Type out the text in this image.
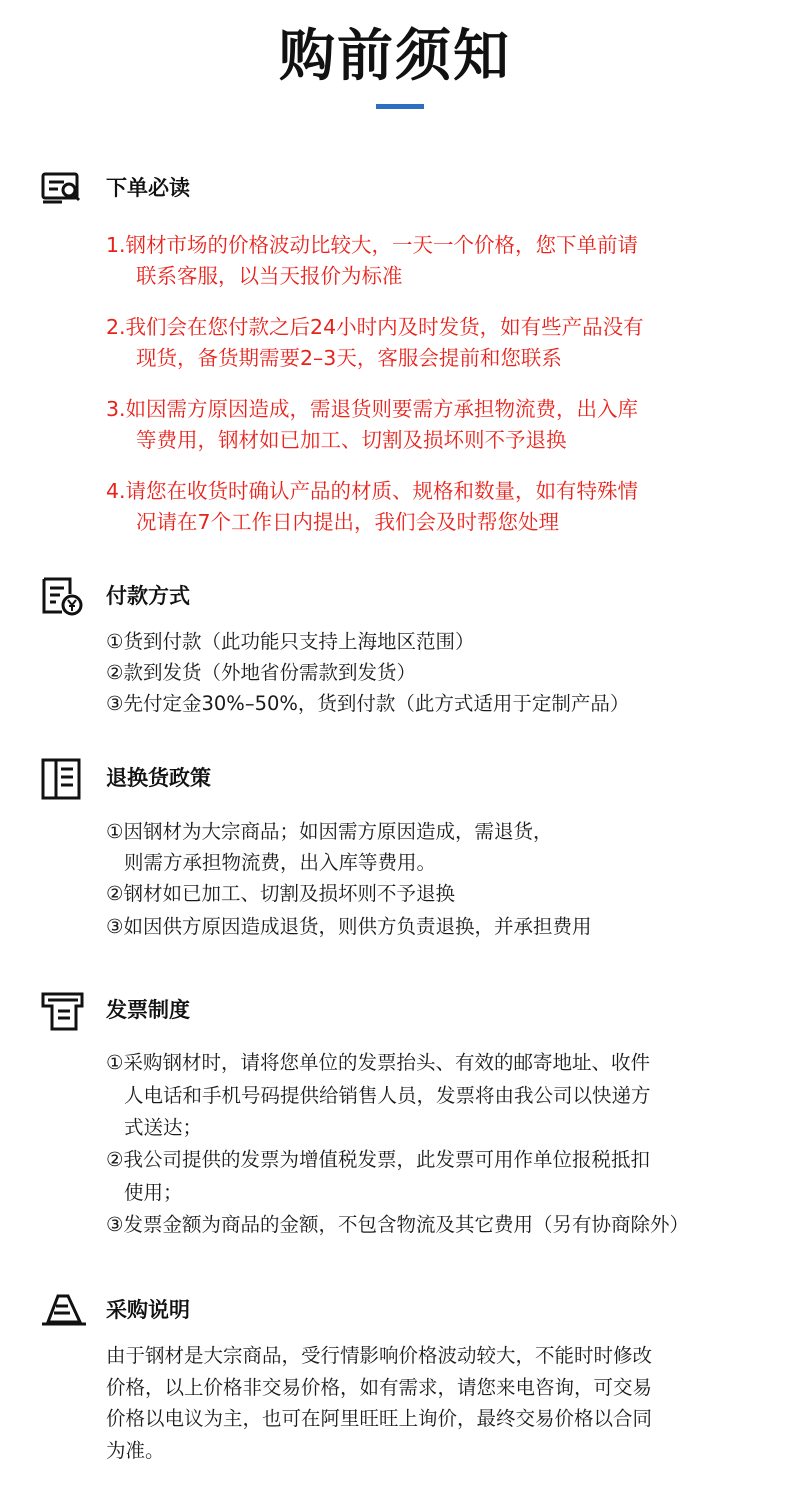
购前须知
下单必读
1.钢材市场的价格波动比较大，一天一个价格，您下单前请
联系客服，以当天报价为标准
2.我们会在您付款之后24小时内及时发货，如有些产品没有
现货，备货期需要2–3天，客服会提前和您联系
3.如因需方原因造成，需退货则要需方承担物流费，出入库
等费用，钢材如已加工、切割及损坏则不予退换
4.请您在收货时确认产品的材质、规格和数量，如有特殊情
况请在7个工作日内提出，我们会及时帮您处理
付款方式
①货到付款（此功能只支持上海地区范围）
②款到发货（外地省份需款到发货）
③先付定金30%–50%，货到付款（此方式适用于定制产品）
退换货政策
①因钢材为大宗商品；如因需方原因造成，需退货，
则需方承担物流费，出入库等费用。
②钢材如已加工、切割及损坏则不予退换
③如因供方原因造成退货，则供方负责退换，并承担费用
发票制度
①采购钢材时，请将您单位的发票抬头、有效的邮寄地址、收件
人电话和手机号码提供给销售人员，发票将由我公司以快递方
式送达；
②我公司提供的发票为增值税发票，此发票可用作单位报税抵扣
使用；
③发票金额为商品的金额，不包含物流及其它费用（另有协商除外）
采购说明
由于钢材是大宗商品，受行情影响价格波动较大，不能时时修改
价格，以上价格非交易价格，如有需求，请您来电咨询，可交易
价格以电议为主，也可在阿里旺旺上询价，最终交易价格以合同
为准。
